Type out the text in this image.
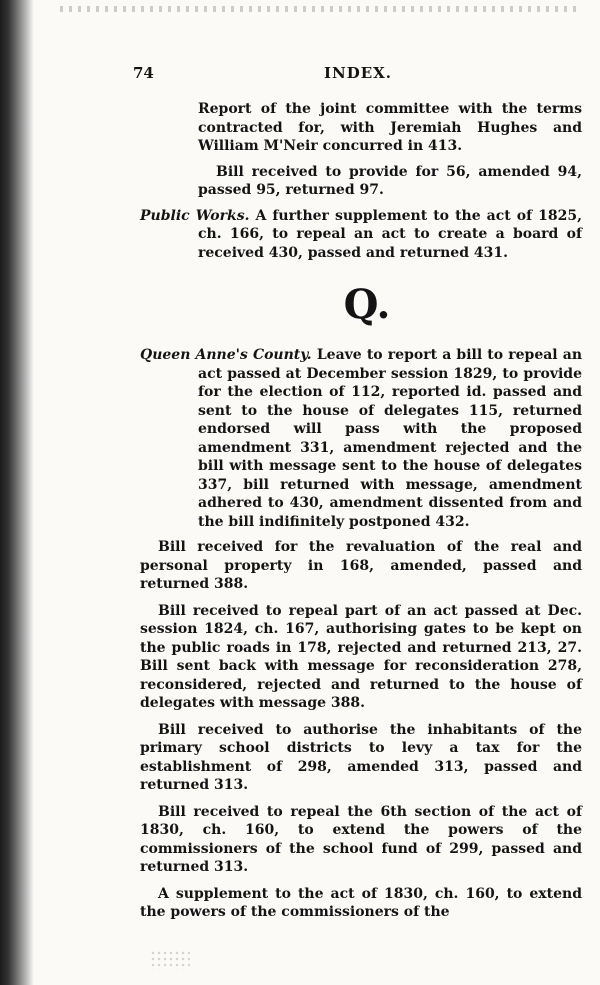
74	INDEX.

Report of the joint committee with the terms contracted for, with Jeremiah Hughes and William M'Neir concurred in 413.

Bill received to provide for 56, amended 94, passed 95, returned 97.

Public Works. A further supplement to the act of 1825, ch. 166, to repeal an act to create a board of received 430, passed and returned 431.

Q.

Queen Anne's County. Leave to report a bill to repeal an act passed at December session 1829, to provide for the election of 112, reported id. passed and sent to the house of delegates 115, returned endorsed will pass with the proposed amendment 331, amendment rejected and the bill with message sent to the house of delegates 337, bill returned with message, amendment adhered to 430, amendment dissented from and the bill indifinitely postponed 432.

Bill received for the revaluation of the real and personal property in 168, amended, passed and returned 388.

Bill received to repeal part of an act passed at Dec. session 1824, ch. 167, authorising gates to be kept on the public roads in 178, rejected and returned 213, 27. Bill sent back with message for reconsideration 278, reconsidered, rejected and returned to the house of delegates with message 388.

Bill received to authorise the inhabitants of the primary school districts to levy a tax for the establishment of 298, amended 313, passed and returned 313.

Bill received to repeal the 6th section of the act of 1830, ch. 160, to extend the powers of the commissioners of the school fund of 299, passed and returned 313.

A supplement to the act of 1830, ch. 160, to extend the powers of the commissioners of the
